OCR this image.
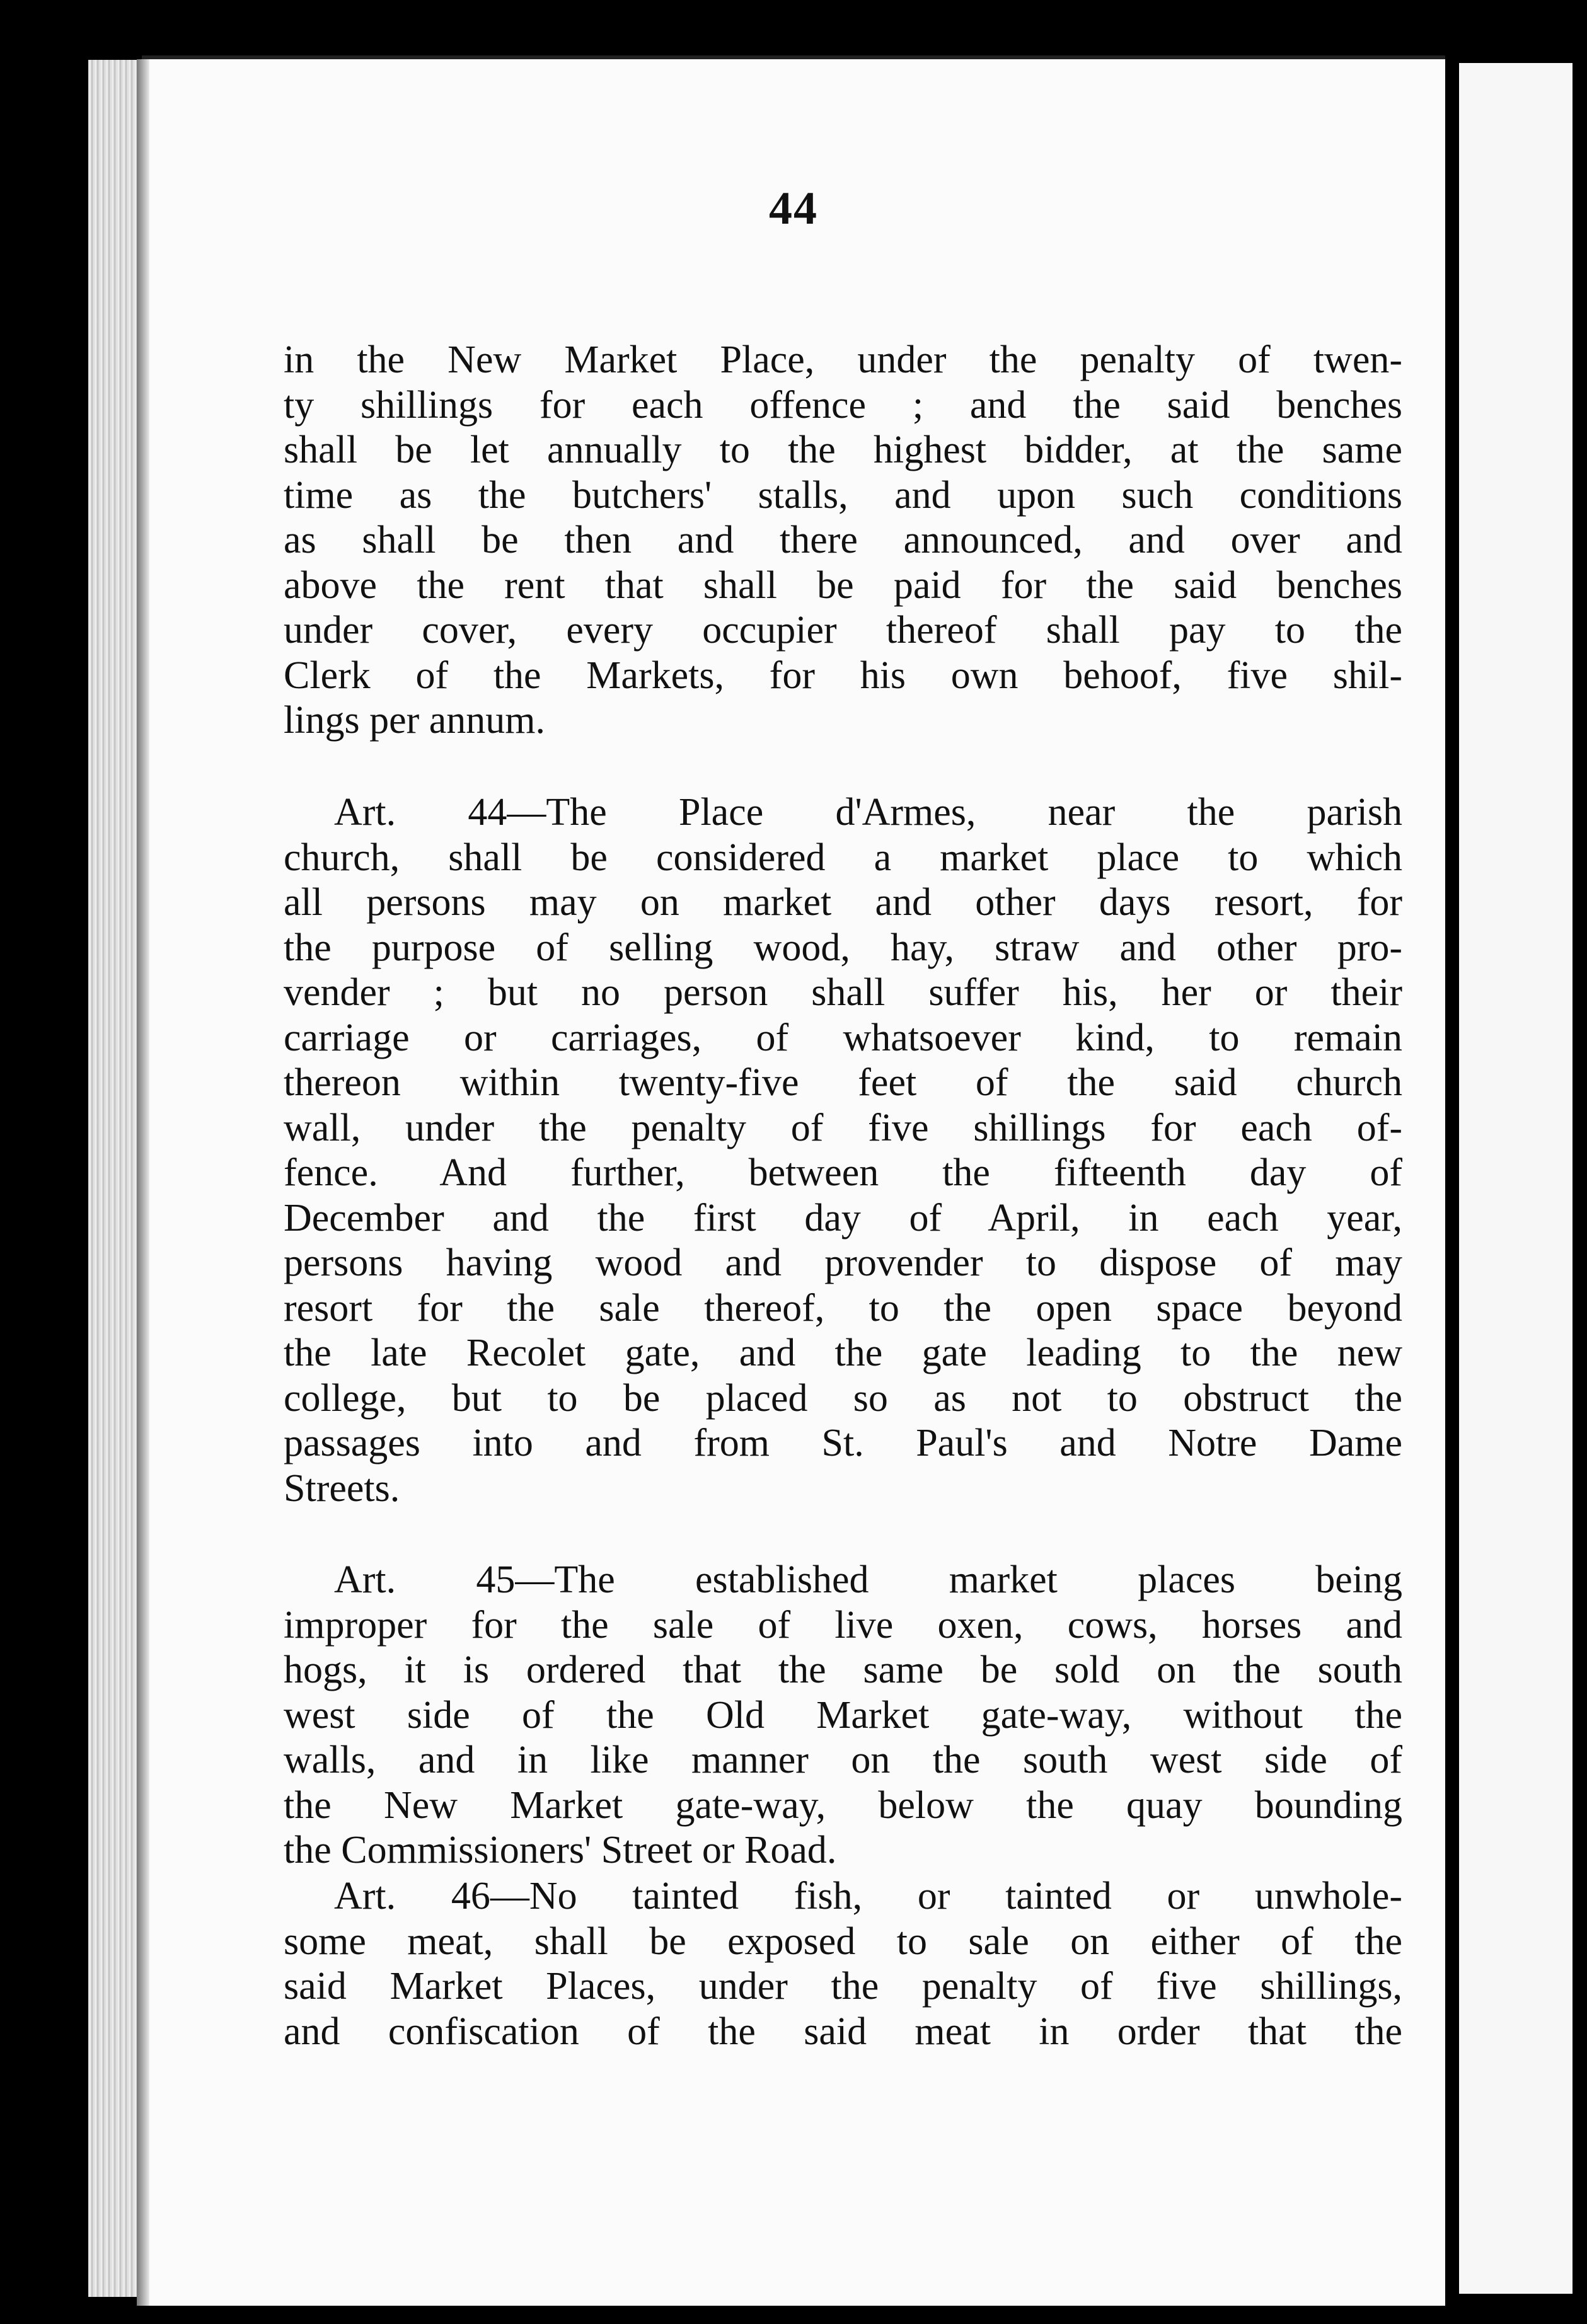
44
in the New Market Place, under the penalty of twen-
ty shillings for each offence ; and the said benches
shall be let annually to the highest bidder, at the same
time as the butchers' stalls, and upon such conditions
as shall be then and there announced, and over and
above the rent that shall be paid for the said benches
under cover, every occupier thereof shall pay to the
Clerk of the Markets, for his own behoof, five shil-
lings per annum.
Art. 44—The Place d'Armes, near the parish
church, shall be considered a market place to which
all persons may on market and other days resort, for
the purpose of selling wood, hay, straw and other pro-
vender ; but no person shall suffer his, her or their
carriage or carriages, of whatsoever kind, to remain
thereon within twenty-five feet of the said church
wall, under the penalty of five shillings for each of-
fence. And further, between the fifteenth day of
December and the first day of April, in each year,
persons having wood and provender to dispose of may
resort for the sale thereof, to the open space beyond
the late Recolet gate, and the gate leading to the new
college, but to be placed so as not to obstruct the
passages into and from St. Paul's and Notre Dame
Streets.
Art. 45—The established market places being
improper for the sale of live oxen, cows, horses and
hogs, it is ordered that the same be sold on the south
west side of the Old Market gate-way, without the
walls, and in like manner on the south west side of
the New Market gate-way, below the quay bounding
the Commissioners' Street or Road.
Art. 46—No tainted fish, or tainted or unwhole-
some meat, shall be exposed to sale on either of the
said Market Places, under the penalty of five shillings,
and confiscation of the said meat in order that the
